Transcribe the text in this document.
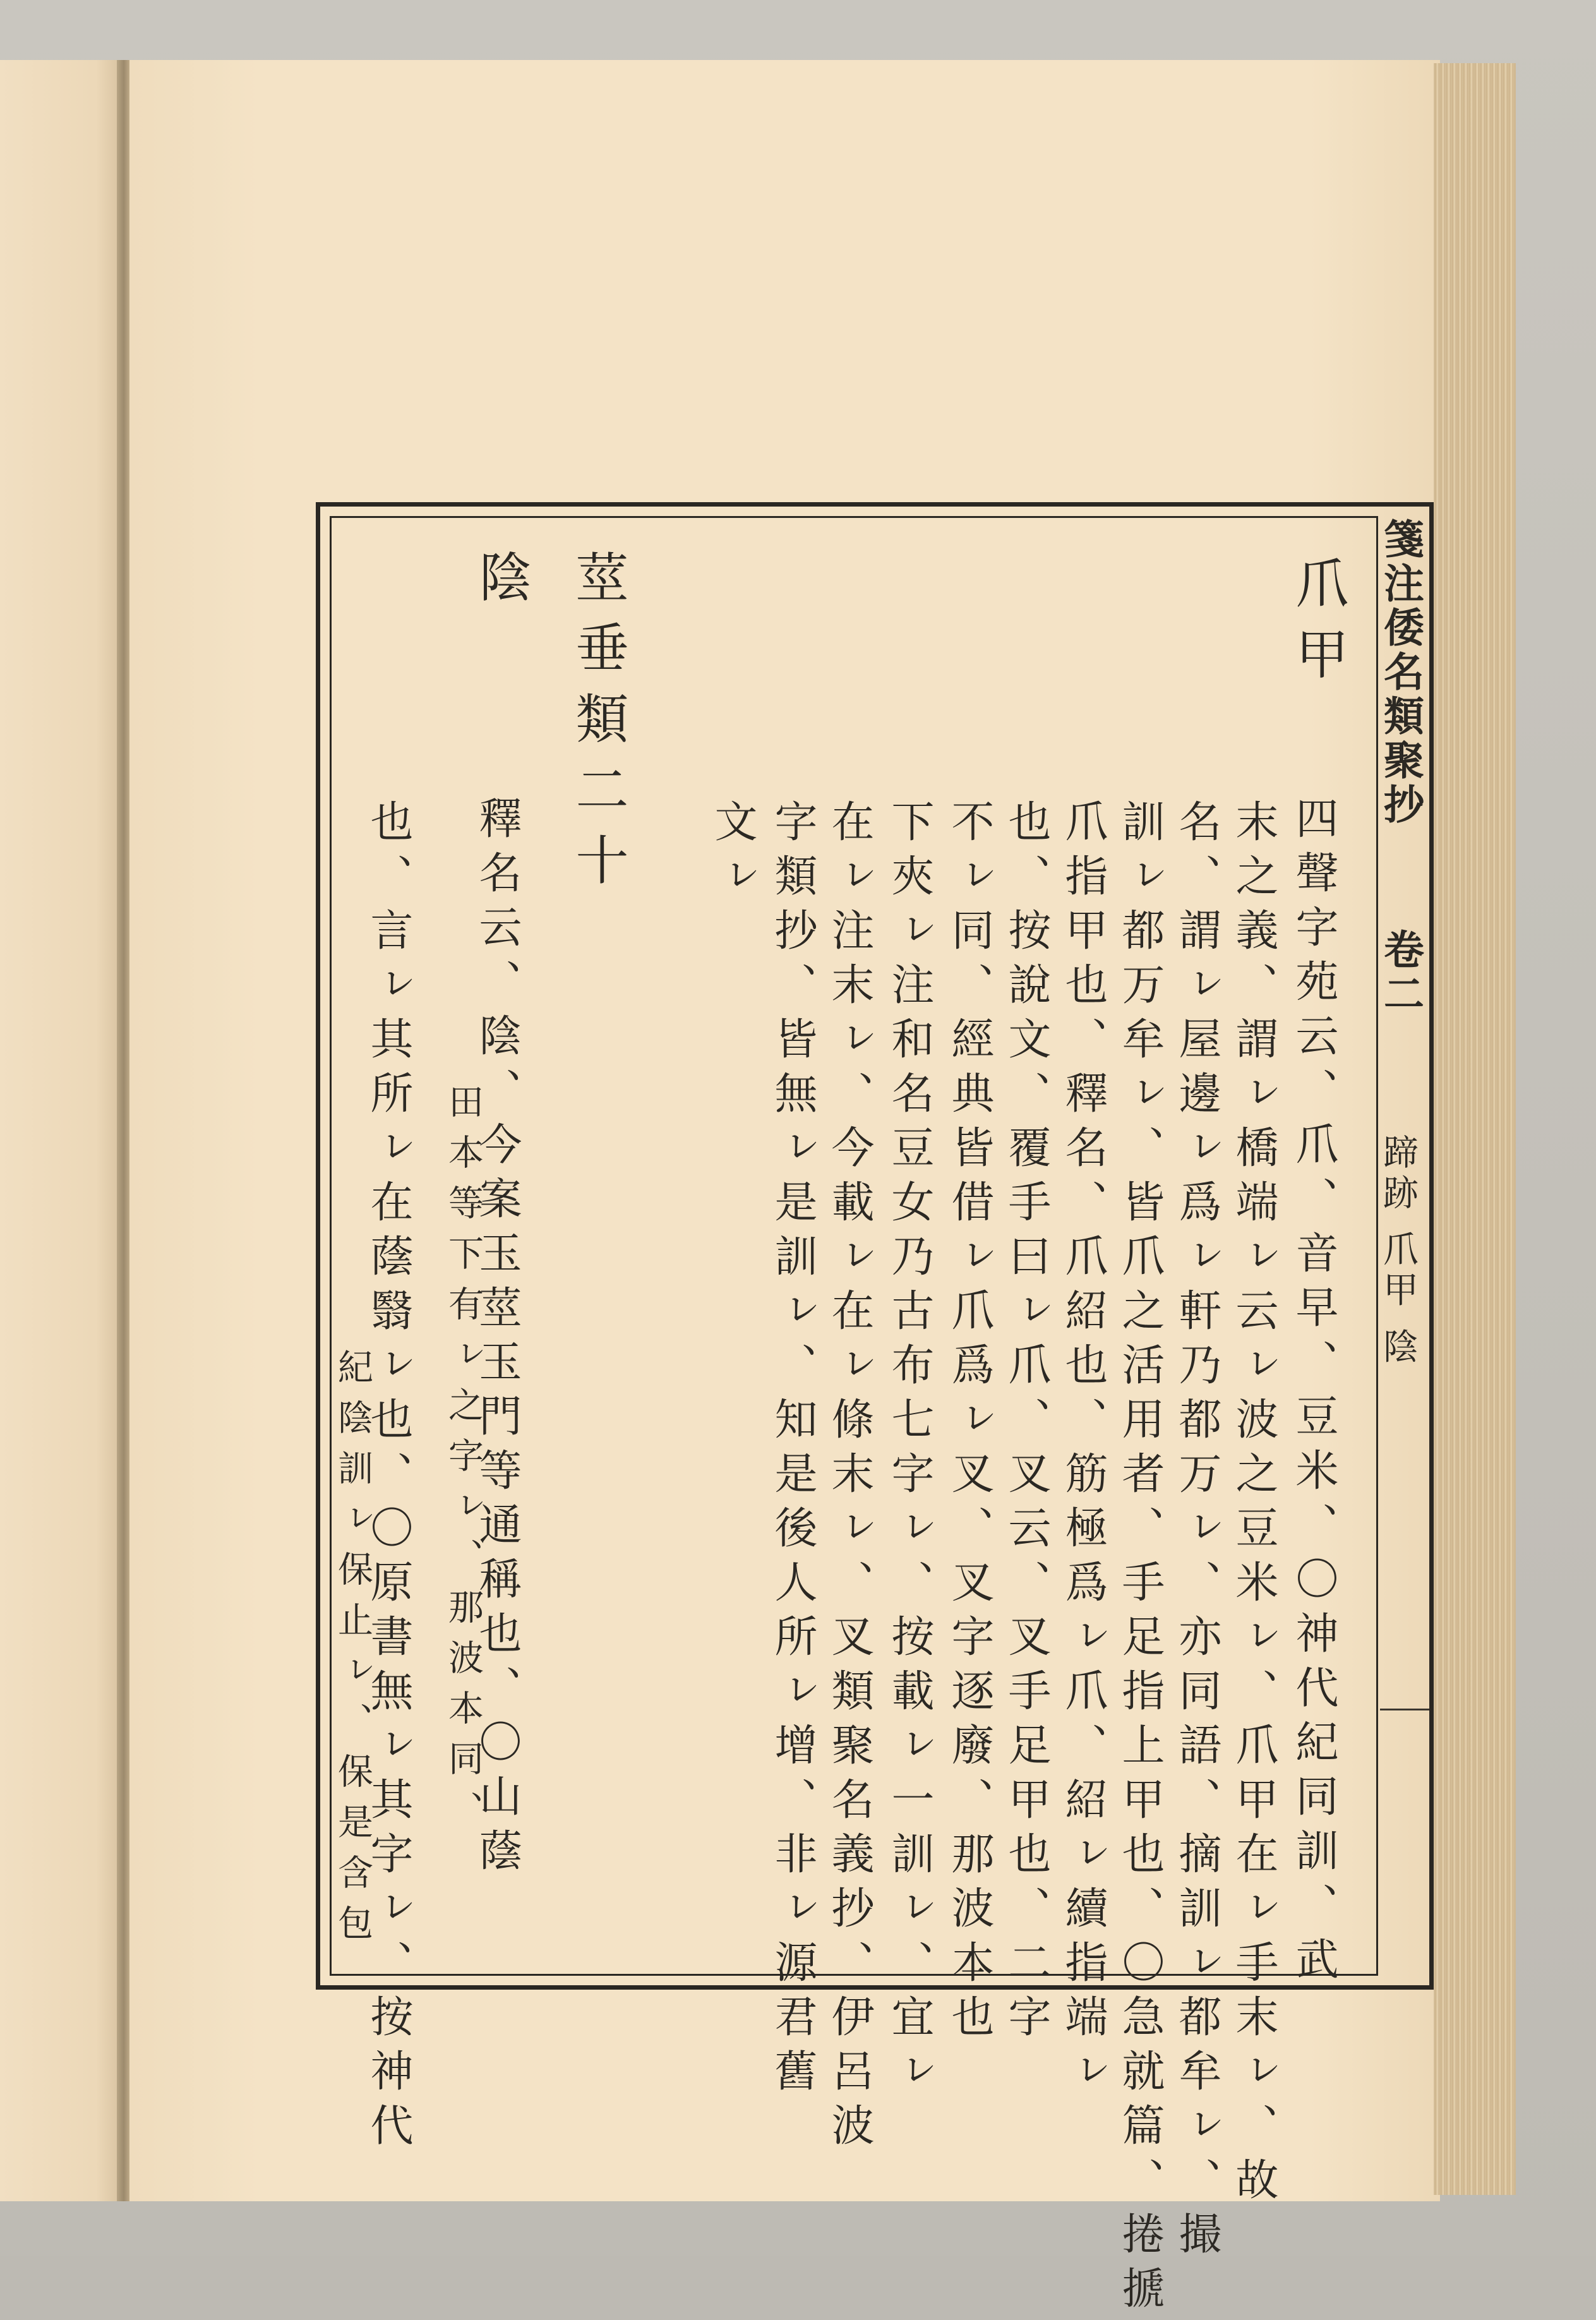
箋注倭名類聚抄
卷二
蹄跡 爪甲 陰
爪甲
四聲字苑云、爪、音早、豆米、〇神代紀同訓、武
末之義、謂ㇾ橋端ㇾ云ㇾ波之豆米ㇾ、爪甲在ㇾ手末ㇾ、故
名、謂ㇾ屋邊ㇾ爲ㇾ軒乃都万ㇾ、亦同語、摘訓ㇾ都牟ㇾ、撮
訓ㇾ都万牟ㇾ、皆爪之活用者、手足指上甲也、〇急就篇、捲搋
爪指甲也、釋名、爪紹也、筋極爲ㇾ爪、紹ㇾ續指端ㇾ
也、按說文、覆手曰ㇾ爪、叉云、叉手足甲也、二字
不ㇾ同、經典皆借ㇾ爪爲ㇾ叉、叉字逐廢、那波本也
下夾ㇾ注和名豆女乃古布七字ㇾ、按載ㇾ一訓ㇾ、宜ㇾ
在ㇾ注末ㇾ、今載ㇾ在ㇾ條末ㇾ、叉類聚名義抄、伊呂波
字類抄、皆無ㇾ是訓ㇾ、知是後人所ㇾ增、非ㇾ源君舊
文ㇾ
莖垂類二十
陰
釋名云、陰、今案玉莖玉門等通稱也、〇山蔭
田本等下有ㇾ之字ㇾ、那波本同、
也、言ㇾ其所ㇾ在蔭翳ㇾ也、〇原書無ㇾ其字ㇾ、按神代
紀陰訓ㇾ保止ㇾ、保是含包
